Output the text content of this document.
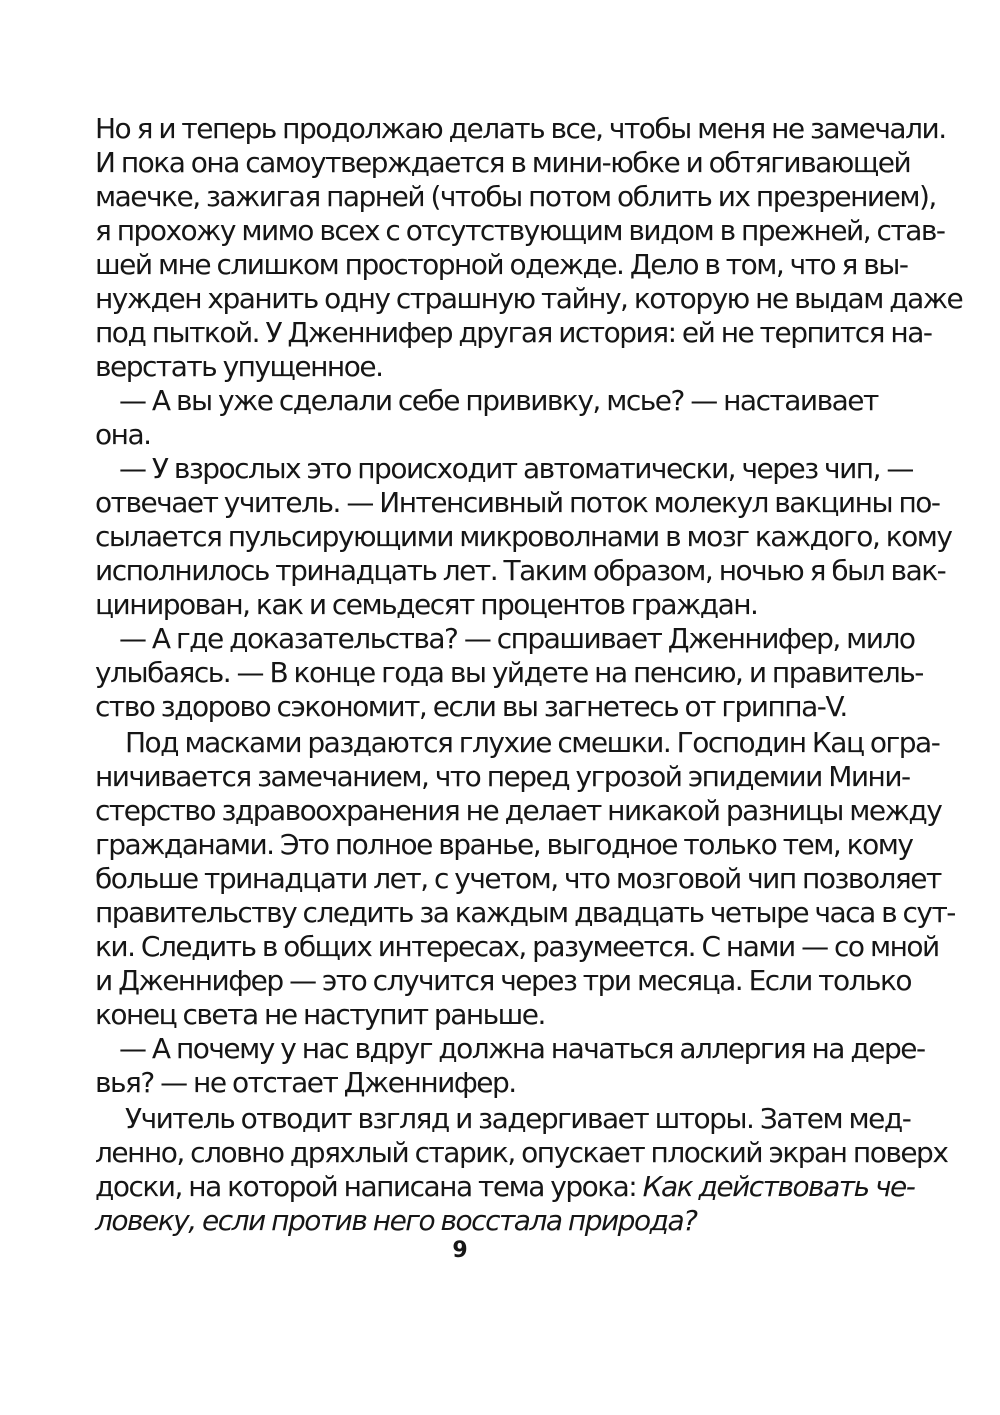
Но я и теперь продолжаю делать все, чтобы меня не замечали.
И пока она самоутверждается в мини-юбке и обтягивающей
маечке, зажигая парней (чтобы потом облить их презрением),
я прохожу мимо всех с отсутствующим видом в прежней, став-
шей мне слишком просторной одежде. Дело в том, что я вы-
нужден хранить одну страшную тайну, которую не выдам даже
под пыткой. У Дженнифер другая история: ей не терпится на-
верстать упущенное.
— А вы уже сделали себе прививку, мсье? — настаивает
она.
— У взрослых это происходит автоматически, через чип, —
отвечает учитель. — Интенсивный поток молекул вакцины по-
сылается пульсирующими микроволнами в мозг каждого, кому
исполнилось тринадцать лет. Таким образом, ночью я был вак-
цинирован, как и семьдесят процентов граждан.
— А где доказательства? — спрашивает Дженнифер, мило
улыбаясь. — В конце года вы уйдете на пенсию, и правитель-
ство здорово сэкономит, если вы загнетесь от гриппа-V.
Под масками раздаются глухие смешки. Господин Кац огра-
ничивается замечанием, что перед угрозой эпидемии Мини-
стерство здравоохранения не делает никакой разницы между
гражданами. Это полное вранье, выгодное только тем, кому
больше тринадцати лет, с учетом, что мозговой чип позволяет
правительству следить за каждым двадцать четыре часа в сут-
ки. Следить в общих интересах, разумеется. С нами — со мной
и Дженнифер — это случится через три месяца. Если только
конец света не наступит раньше.
— А почему у нас вдруг должна начаться аллергия на дере-
вья? — не отстает Дженнифер.
Учитель отводит взгляд и задергивает шторы. Затем мед-
ленно, словно дряхлый старик, опускает плоский экран поверх
доски, на которой написана тема урока: Как действовать че-
ловеку, если против него восстала природа?
9
